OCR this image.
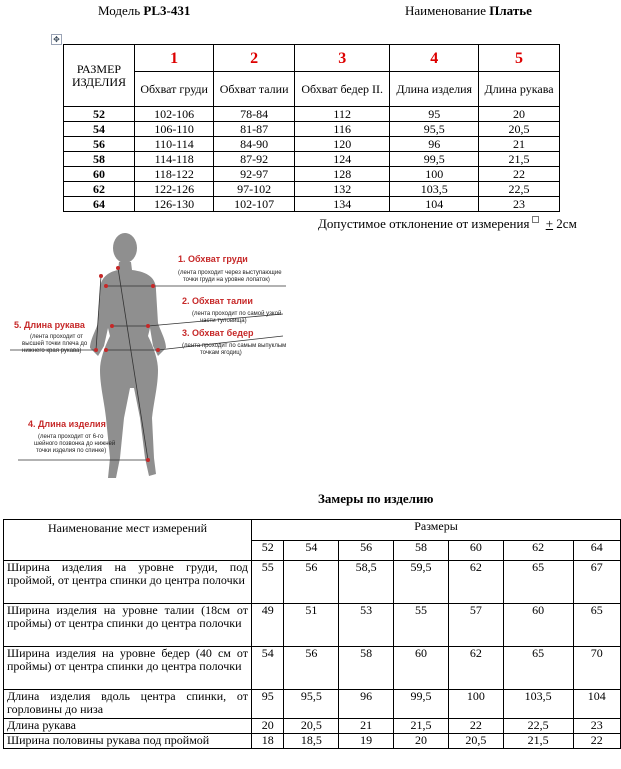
Модель PL3-431	Наименование Платье
✥
РАЗМЕР ИЗДЕЛИЯ	1	2	3	4	5
	Обхват груди	Обхват талии	Обхват бедер II.	Длина изделия	Длина рукава
52	102-106	78-84	112	95	20
54	106-110	81-87	116	95,5	20,5
56	110-114	84-90	120	96	21
58	114-118	87-92	124	99,5	21,5
60	118-122	92-97	128	100	22
62	122-126	97-102	132	103,5	22,5
64	126-130	102-107	134	104	23
Допустимое отклонение от измерения + 2см
1. Обхват груди
(лента проходит через выступающие
точки груди на уровне лопаток)
2. Обхват талии
(лента проходит по самой узкой
части туловища)
3. Обхват бедер
(лента проходит по самым выпуклым
точкам ягодиц)
4. Длина изделия
(лента проходит от 6-го
шейного позвонка до нижней
точки изделия по спинке)
5. Длина рукава
(лента проходит от
высшей точки плеча до
нижнего края рукава)
Замеры по изделию
Наименование мест измерений	Размеры						
	52	54	56	58	60	62	64
Ширина изделия на уровне груди, под проймой, от центра спинки до центра полочки	55	56	58,5	59,5	62	65	67
Ширина изделия на уровне талии (18см от проймы) от центра спинки до центра полочки	49	51	53	55	57	60	65
Ширина изделия на уровне бедер (40 см от проймы) от центра спинки до центра полочки	54	56	58	60	62	65	70
Длина изделия вдоль центра спинки, от горловины до низа	95	95,5	96	99,5	100	103,5	104
Длина рукава	20	20,5	21	21,5	22	22,5	23
Ширина половины рукава под проймой	18	18,5	19	20	20,5	21,5	22
